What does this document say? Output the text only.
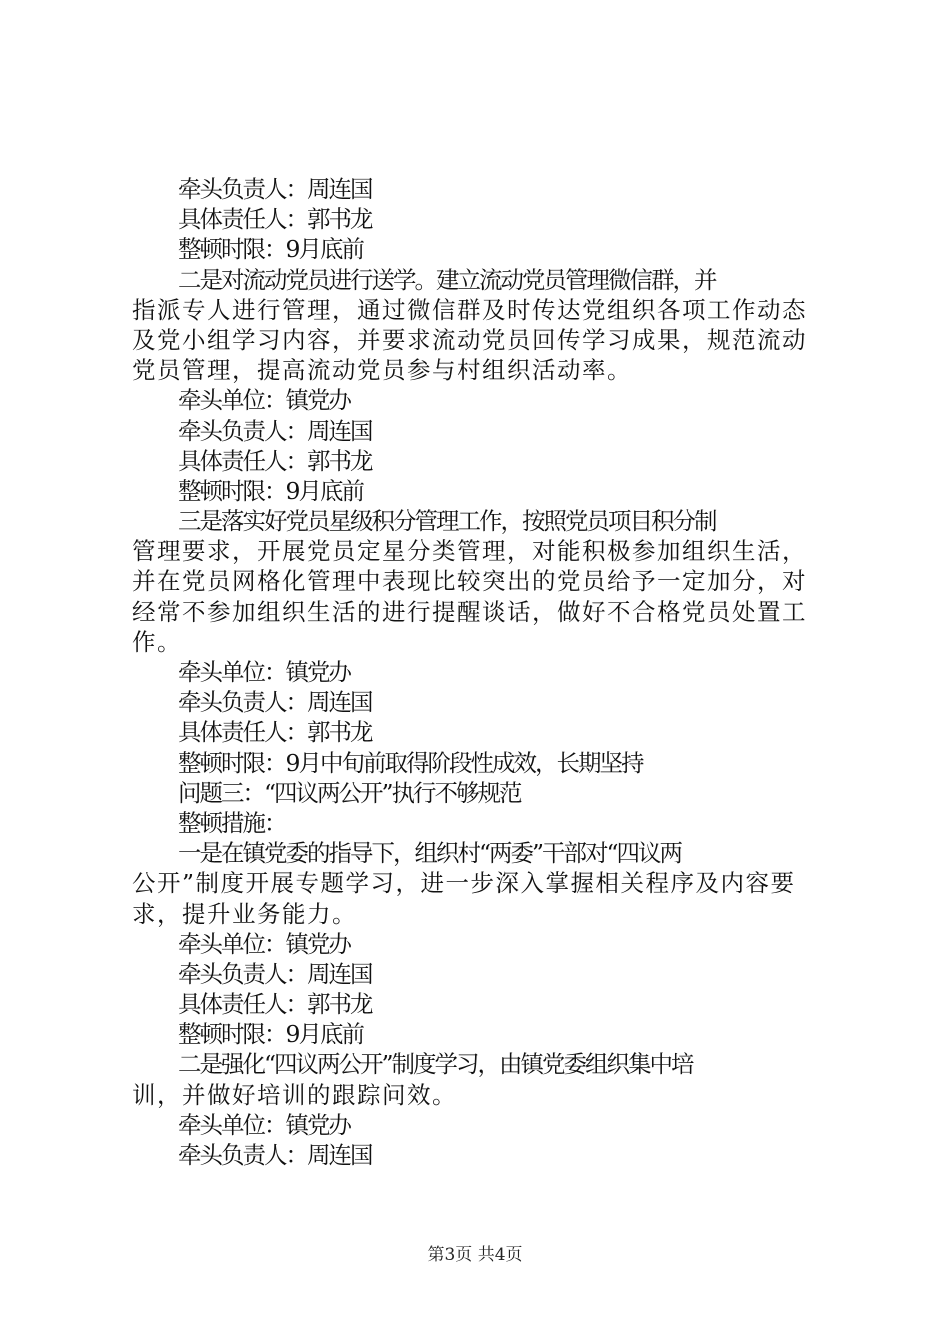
牵头负责人：周连国
具体责任人：郭书龙
整顿时限：9月底前
二是对流动党员进行送学。建立流动党员管理微信群，并
指派专人进行管理，通过微信群及时传达党组织各项工作动态
及党小组学习内容，并要求流动党员回传学习成果，规范流动
党员管理，提高流动党员参与村组织活动率。
牵头单位：镇党办
牵头负责人：周连国
具体责任人：郭书龙
整顿时限：9月底前
三是落实好党员星级积分管理工作，按照党员项目积分制
管理要求，开展党员定星分类管理，对能积极参加组织生活，
并在党员网格化管理中表现比较突出的党员给予一定加分，对
经常不参加组织生活的进行提醒谈话，做好不合格党员处置工
作。
牵头单位：镇党办
牵头负责人：周连国
具体责任人：郭书龙
整顿时限：9月中旬前取得阶段性成效，长期坚持
问题三：“四议两公开”执行不够规范
整顿措施：
一是在镇党委的指导下，组织村“两委”干部对“四议两
公开”制度开展专题学习，进一步深入掌握相关程序及内容要
求，提升业务能力。
牵头单位：镇党办
牵头负责人：周连国
具体责任人：郭书龙
整顿时限：9月底前
二是强化“四议两公开”制度学习，由镇党委组织集中培
训，并做好培训的跟踪问效。
牵头单位：镇党办
牵头负责人：周连国
第3页 共4页
